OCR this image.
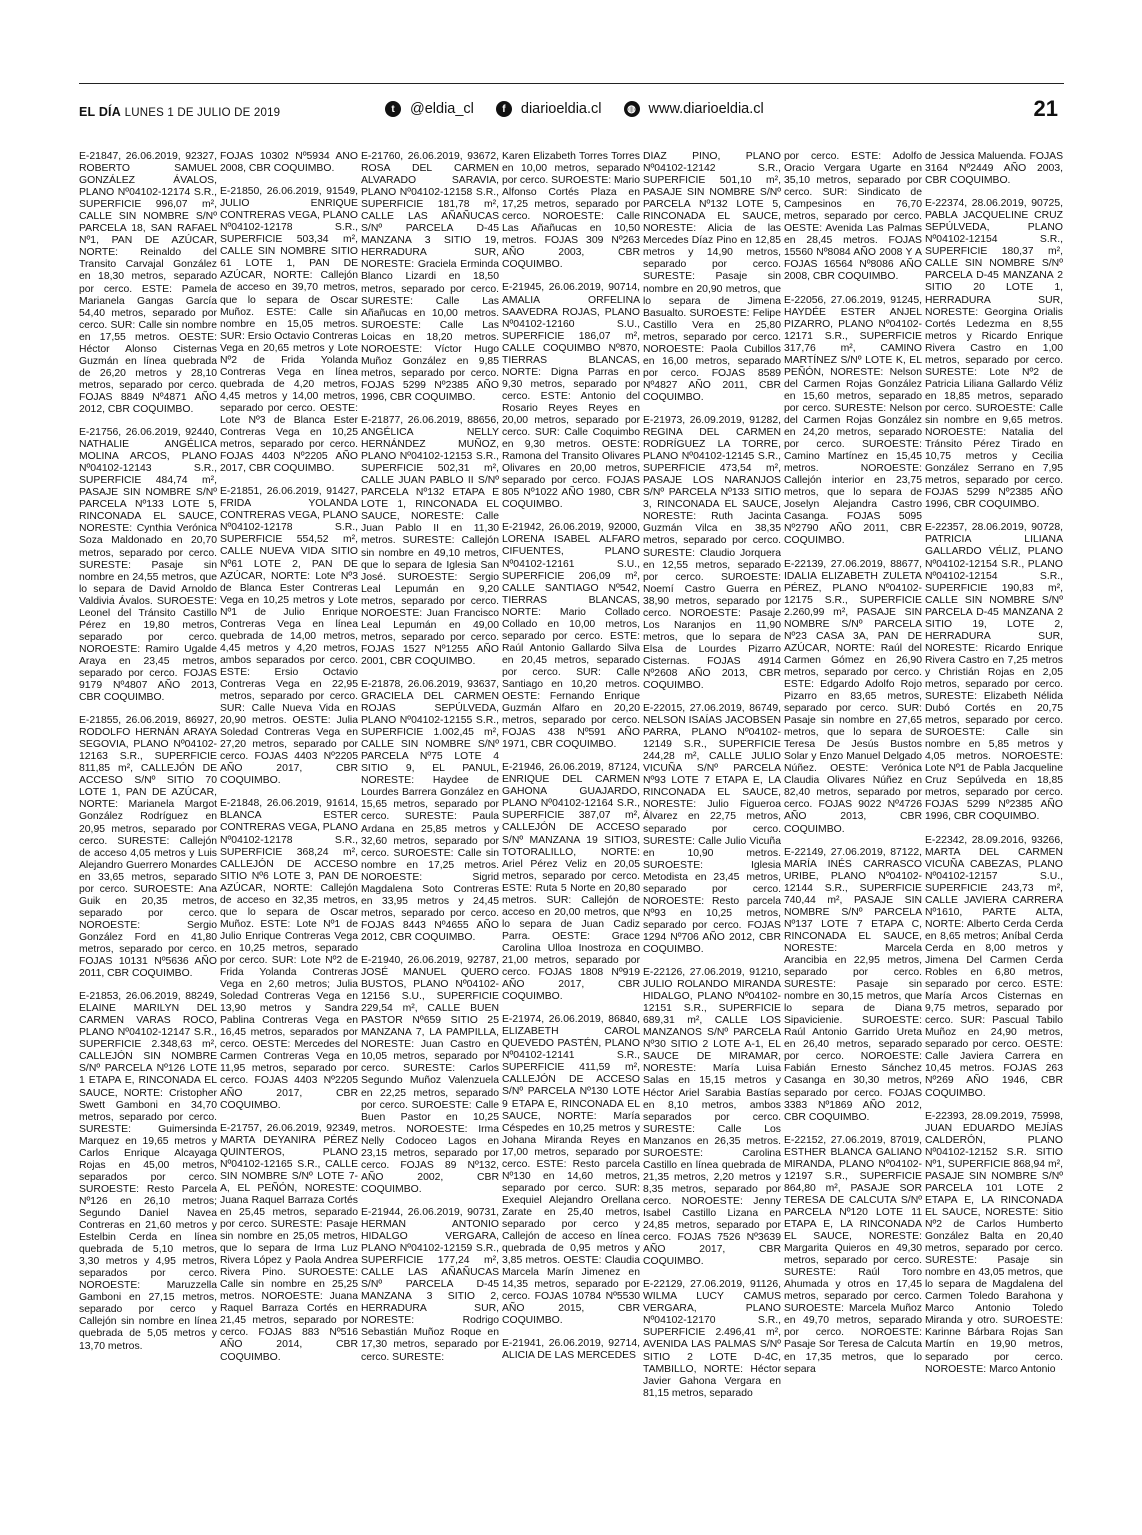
EL DÍA LUNES 1 DE JULIO DE 2019	t	@eldia_cl	f	diarioeldia.cl	◍ www.diarioeldia.cl	21

E-21847, 26.06.2019, 92327, ROBERTO SAMUEL GONZÁLEZ ÁVALOS, PLANO Nº04102-12174 S.R., SUPERFICIE 996,07 m², CALLE SIN NOMBRE S/Nº PARCELA 18, SAN RAFAEL Nº1, PAN DE AZÚCAR, NORTE: Reinaldo del Transito Carvajal González en 18,30 metros, separado por cerco. ESTE: Pamela Marianela Gangas García 54,40 metros, separado por cerco. SUR: Calle sin nombre en 17,55 metros. OESTE: Héctor Alonso Cisternas Guzmán en línea quebrada de 26,20 metros y 28,10 metros, separado por cerco. FOJAS 8849 Nº4871 AÑO 2012, CBR COQUIMBO.

E-21756, 26.06.2019, 92440, NATHALIE ANGÉLICA MOLINA ARCOS, PLANO Nº04102-12143 S.R., SUPERFICIE 484,74 m², PASAJE SIN NOMBRE S/Nº PARCELA Nº133 LOTE 5, RINCONADA EL SAUCE, NORESTE: Cynthia Verónica Soza Maldonado en 20,70 metros, separado por cerco. SURESTE: Pasaje sin nombre en 24,55 metros, que lo separa de David Arnoldo Valdivia Ávalos. SUROESTE: Leonel del Tránsito Castillo Pérez en 19,80 metros, separado por cerco. NOROESTE: Ramiro Ugalde Araya en 23,45 metros, separado por cerco. FOJAS 9179 Nº4807 AÑO 2013, CBR COQUIMBO.

E-21855, 26.06.2019, 86927, RODOLFO HERNÁN ARAYA SEGOVIA, PLANO Nº04102-12163 S.R., SUPERFICIE 811,85 m², CALLEJÓN DE ACCESO S/Nº SITIO 70 LOTE 1, PAN DE AZÚCAR, NORTE: Marianela Margot González Rodríguez en 20,95 metros, separado por cerco. SURESTE: Callejón de acceso 4,05 metros y Luis Alejandro Guerrero Monardes en 33,65 metros, separado por cerco. SUROESTE: Ana Guik en 20,35 metros, separado por cerco. NOROESTE: Sergio González Ford en 41,80 metros, separado por cerco. FOJAS 10131 Nº5636 AÑO 2011, CBR COQUIMBO.

E-21853, 26.06.2019, 88249, ELAINE MARILYN DEL CARMEN VARAS ROCO, PLANO Nº04102-12147 S.R., SUPERFICIE 2.348,63 m², CALLEJÓN SIN NOMBRE S/Nº PARCELA Nº126 LOTE 1 ETAPA E, RINCONADA EL SAUCE, NORTE: Cristopher Swett Gamboni en 34,70 metros, separado por cerco. SURESTE: Guimersinda Marquez en 19,65 metros y Carlos Enrique Alcayaga Rojas en 45,00 metros, separados por cerco. SUROESTE: Resto Parcela Nº126 en 26,10 metros; Segundo Daniel Navea Contreras en 21,60 metros y Estelbin Cerda en línea quebrada de 5,10 metros, 3,30 metros y 4,95 metros, separados por cerco. NOROESTE: Maruzzella Gamboni en 27,15 metros, separado por cerco y Callejón sin nombre en línea quebrada de 5,05 metros y 13,70 metros.

FOJAS 10302 Nº5934 AÑO 2008, CBR COQUIMBO.

E-21850, 26.06.2019, 91549, JULIO ENRIQUE CONTRERAS VEGA, PLANO Nº04102-12178 S.R., SUPERFICIE 503,34 m², CALLE SIN NOMBRE SITIO 61 LOTE 1, PAN DE AZÚCAR, NORTE: Callejón de acceso en 39,70 metros, que lo separa de Oscar Muñoz. ESTE: Calle sin nombre en 15,05 metros. SUR: Ersio Octavio Contreras Vega en 20,65 metros y Lote Nº2 de Frida Yolanda Contreras Vega en línea quebrada de 4,20 metros, 4,45 metros y 14,00 metros, separado por cerco. OESTE: Lote Nº3 de Blanca Ester Contreras Vega en 10,25 metros, separado por cerco. FOJAS 4403 Nº2205 AÑO 2017, CBR COQUIMBO.

E-21851, 26.06.2019, 91427, FRIDA YOLANDA CONTRERAS VEGA, PLANO Nº04102-12178 S.R., SUPERFICIE 554,52 m², CALLE NUEVA VIDA SITIO Nº61 LOTE 2, PAN DE AZÚCAR, NORTE: Lote Nº3 de Blanca Ester Contreras Vega en 10,25 metros y Lote Nº1 de Julio Enrique Contreras Vega en línea quebrada de 14,00 metros, 4,45 metros y 4,20 metros, ambos separados por cerco. ESTE: Ersio Octavio Contreras Vega en 22,95 metros, separado por cerco. SUR: Calle Nueva Vida en 20,90 metros. OESTE: Julia Soledad Contreras Vega en 27,20 metros, separado por cerco. FOJAS 4403 Nº2205 AÑO 2017, CBR COQUIMBO.

E-21848, 26.06.2019, 91614, BLANCA ESTER CONTRERAS VEGA, PLANO Nº04102-12178 S.R., SUPERFICIE 368,24 m², CALLEJÓN DE ACCESO SITIO Nº6 LOTE 3, PAN DE AZÚCAR, NORTE: Callejón de acceso en 32,35 metros, que lo separa de Oscar Muñoz. ESTE: Lote Nº1 de Julio Enrique Contreras Vega en 10,25 metros, separado por cerco. SUR: Lote Nº2 de Frida Yolanda Contreras Vega en 2,60 metros; Julia Soledad Contreras Vega en 13,90 metros y Sandra Pablina Contreras Vega en 16,45 metros, separados por cerco. OESTE: Mercedes del Carmen Contreras Vega en 11,95 metros, separado por cerco. FOJAS 4403 Nº2205 AÑO 2017, CBR COQUIMBO.

E-21757, 26.06.2019, 92349, MARTA DEYANIRA PÉREZ QUINTEROS, PLANO Nº04102-12165 S.R., CALLE SIN NOMBRE S/Nº LOTE 7-A, EL PEÑÓN, NORESTE: Juana Raquel Barraza Cortés en 25,45 metros, separado por cerco. SURESTE: Pasaje sin nombre en 25,05 metros, que lo separa de Irma Luz Rivera López y Paola Andrea Rivera Pino. SUROESTE: Calle sin nombre en 25,25 metros. NOROESTE: Juana Raquel Barraza Cortés en 21,45 metros, separado por cerco. FOJAS 883 Nº516 AÑO 2014, CBR COQUIMBO.

E-21760, 26.06.2019, 93672, ROSA DEL CARMEN ALVARADO SARAVIA, PLANO Nº04102-12158 S.R., SUPERFICIE 181,78 m², CALLE LAS AÑAÑUCAS S/Nº PARCELA D-45 MANZANA 3 SITIO 19, HERRADURA SUR, NORESTE: Graciela Erminda Blanco Lizardi en 18,50 metros, separado por cerco. SURESTE: Calle Las Añañucas en 10,00 metros. SUROESTE: Calle Las Loicas en 18,20 metros. NOROESTE: Víctor Hugo Muñoz González en 9,85 metros, separado por cerco. FOJAS 5299 Nº2385 AÑO 1996, CBR COQUIMBO.

E-21877, 26.06.2019, 88656, ANGÉLICA NELLY HERNÁNDEZ MUÑOZ, PLANO Nº04102-12153 S.R., SUPERFICIE 502,31 m², CALLE JUAN PABLO II S/Nº PARCELA Nº132 ETAPA E LOTE 1, RINCONADA EL SAUCE, NORESTE: Calle Juan Pablo II en 11,30 metros. SURESTE: Callejón sin nombre en 49,10 metros, que lo separa de Iglesia San José. SUROESTE: Sergio Leal Lepumán en 9,20 metros, separado por cerco. NOROESTE: Juan Francisco Leal Lepumán en 49,00 metros, separado por cerco. FOJAS 1527 Nº1255 AÑO 2001, CBR COQUIMBO.

E-21878, 26.06.2019, 93637, GRACIELA DEL CARMEN ROJAS SEPÚLVEDA, PLANO Nº04102-12155 S.R., SUPERFICIE 1.002,45 m², CALLE SIN NOMBRE S/Nº PARCELA Nº75 LOTE 4 SITIO 9, EL PANUL, NORESTE: Haydee de Lourdes Barrera González en 15,65 metros, separado por cerco. SURESTE: Paula Ardana en 25,85 metros y 32,60 metros, separado por cerco. SUROESTE: Calle sin nombre en 17,25 metros. NOROESTE: Sigrid Magdalena Soto Contreras en 33,95 metros y 24,45 metros, separado por cerco. FOJAS 8443 Nº4655 AÑO 2012, CBR COQUIMBO.

E-21940, 26.06.2019, 92787, JOSÉ MANUEL QUERO BUSTOS, PLANO Nº04102-12156 S.U., SUPERFICIE 229,54 m², CALLE BUEN PASTOR Nº659 SITIO 25 MANZANA 7, LA PAMPILLA, NORESTE: Juan Castro en 10,05 metros, separado por cerco. SURESTE: Carlos Segundo Muñoz Valenzuela en 22,25 metros, separado por cerco. SUROESTE: Calle Buen Pastor en 10,25 metros. NOROESTE: Irma Nelly Codoceo Lagos en 23,15 metros, separado por cerco. FOJAS 89 Nº132, AÑO 2002, CBR COQUIMBO.

E-21944, 26.06.2019, 90731, HERMAN ANTONIO HIDALGO VERGARA, PLANO Nº04102-12159 S.R., SUPERFICIE 177,24 m², CALLE LAS AÑAÑUCAS S/Nº PARCELA D-45 MANZANA 3 SITIO 2, HERRADURA SUR, NORESTE: Rodrigo Sebastián Muñoz Roque en 17,30 metros, separado por cerco. SURESTE:

Karen Elizabeth Torres Torres en 10,00 metros, separado por cerco. SUROESTE: Mario Alfonso Cortés Plaza en 17,25 metros, separado por cerco. NOROESTE: Calle Las Añañucas en 10,50 metros. FOJAS 309 Nº263 AÑO 2003, CBR COQUIMBO.

E-21945, 26.06.2019, 90714, AMALIA ORFELINA SAAVEDRA ROJAS, PLANO Nº04102-12160 S.U., SUPERFICIE 186,07 m², CALLE COQUIMBO Nº870, TIERRAS BLANCAS, NORTE: Digna Parras en 9,30 metros, separado por cerco. ESTE: Antonio del Rosario Reyes Reyes en 20,00 metros, separado por cerco. SUR: Calle Coquimbo en 9,30 metros. OESTE: Ramona del Transito Olivares Olivares en 20,00 metros, separado por cerco. FOJAS 805 Nº1022 AÑO 1980, CBR COQUIMBO.

E-21942, 26.06.2019, 92000, LORENA ISABEL ALFARO CIFUENTES, PLANO Nº04102-12161 S.U., SUPERFICIE 206,09 m², CALLE SANTIAGO Nº542, TIERRAS BLANCAS, NORTE: Mario Collado Collado en 10,00 metros, separado por cerco. ESTE: Raúl Antonio Gallardo Silva en 20,45 metros, separado por cerco. SUR: Calle Santiago en 10,20 metros. OESTE: Fernando Enrique Guzmán Alfaro en 20,20 metros, separado por cerco. FOJAS 438 Nº591 AÑO 1971, CBR COQUIMBO.

E-21946, 26.06.2019, 87124, ENRIQUE DEL CARMEN GAHONA GUAJARDO, PLANO Nº04102-12164 S.R., SUPERFICIE 387,07 m², CALLEJÓN DE ACCESO S/Nº MANZANA 19 SITIO3, TOTORALILLO, NORTE: Ariel Pérez Veliz en 20,05 metros, separado por cerco. ESTE: Ruta 5 Norte en 20,80 metros. SUR: Callejón de acceso en 20,00 metros, que lo separa de Juan Cadiz Parra. OESTE: Grace Carolina Ulloa Inostroza en 21,00 metros, separado por cerco. FOJAS 1808 Nº919 AÑO 2017, CBR COQUIMBO.

E-21974, 26.06.2019, 86840, ELIZABETH CAROL QUEVEDO PASTÉN, PLANO Nº04102-12141 S.R., SUPERFICIE 411,59 m², CALLEJÓN DE ACCESO S/Nº PARCELA Nº130 LOTE 9 ETAPA E, RINCONADA EL SAUCE, NORTE: María Céspedes en 10,25 metros y Johana Miranda Reyes en 17,00 metros, separado por cerco. ESTE: Resto parcela Nº130 en 14,60 metros, separado por cerco. SUR: Exequiel Alejandro Orellana Zarate en 25,40 metros, separado por cerco y Callejón de acceso en línea quebrada de 0,95 metros y 3,85 metros. OESTE: Claudia Marcela Marín Jimenez en 14,35 metros, separado por cerco. FOJAS 10784 Nº5530 AÑO 2015, CBR COQUIMBO.

E-21941, 26.06.2019, 92714, ALICIA DE LAS MERCEDES

DÍAZ PINO, PLANO Nº04102-12142 S.R., SUPERFICIE 501,10 m², PASAJE SIN NOMBRE S/Nº PARCELA Nº132 LOTE 5, RINCONADA EL SAUCE, NORESTE: Alicia de las Mercedes Díaz Pino en 12,85 metros y 14,90 metros, separado por cerco. SURESTE: Pasaje sin nombre en 20,90 metros, que lo separa de Jimena Basualto. SUROESTE: Felipe Castillo Vera en 25,80 metros, separado por cerco. NOROESTE: Paola Cubillos en 16,00 metros, separado por cerco. FOJAS 8589 Nº4827 AÑO 2011, CBR COQUIMBO.

E-21973, 26.09.2019, 91282, REGINA DEL CARMEN RODRÍGUEZ LA TORRE, PLANO Nº04102-12145 S.R., SUPERFICIE 473,54 m², PASAJE LOS NARANJOS S/Nº PARCELA Nº133 SITIO 3, RINCONADA EL SAUCE, NORESTE: Ruth Jacinta Guzmán Vilca en 38,35 metros, separado por cerco. SURESTE: Claudio Jorquera en 12,55 metros, separado por cerco. SUROESTE: Noemí Castro Guerra en 38,90 metros, separado por cerco. NOROESTE: Pasaje Los Naranjos en 11,90 metros, que lo separa de Elsa de Lourdes Pizarro Cisternas. FOJAS 4914 Nº2608 AÑO 2013, CBR COQUIMBO.

E-22015, 27.06.2019, 86749, NELSON ISAÍAS JACOBSEN PARRA, PLANO Nº04102-12149 S.R., SUPERFICIE 244,28 m², CALLE JULIO VICUÑA S/Nº PARCELA Nº93 LOTE 7 ETAPA E, LA RINCONADA EL SAUCE, NORESTE: Julio Figueroa Álvarez en 22,75 metros, separado por cerco. SURESTE: Calle Julio Vicuña en 10,90 metros. SUROESTE: Iglesia Metodista en 23,45 metros, separado por cerco. NOROESTE: Resto parcela Nº93 en 10,25 metros, separado por cerco. FOJAS 1294 Nº706 AÑO 2012, CBR COQUIMBO.

E-22126, 27.06.2019, 91210, JULIO ROLANDO MIRANDA HIDALGO, PLANO Nº04102-12151 S.R., SUPERFICIE 689,31 m², CALLE LOS MANZANOS S/Nº PARCELA Nº30 SITIO 2 LOTE A-1, EL SAUCE DE MIRAMAR, NORESTE: María Luisa Salas en 15,15 metros y Héctor Ariel Sarabia Bastías en 8,10 metros, ambos separados por cerco. SURESTE: Calle Los Manzanos en 26,35 metros. SUROESTE: Carolina Castillo en línea quebrada de 21,35 metros, 2,20 metros y 8,35 metros, separado por cerco. NOROESTE: Jenny Isabel Castillo Lizana en 24,85 metros, separado por cerco. FOJAS 7526 Nº3639 AÑO 2017, CBR COQUIMBO.

E-22129, 27.06.2019, 91126, WILMA LUCY CAMUS VERGARA, PLANO Nº04102-12170 S.R., SUPERFICIE 2.496,41 m², AVENIDA LAS PALMAS S/Nº SITIO 2 LOTE D-4C, TAMBILLO, NORTE: Héctor Javier Gahona Vergara en 81,15 metros, separado

por cerco. ESTE: Adolfo Oracio Vergara Ugarte en 35,10 metros, separado por cerco. SUR: Sindicato de Campesinos en 76,70 metros, separado por cerco. OESTE: Avenida Las Palmas en 28,45 metros. FOJAS 15560 Nº8084 AÑO 2008 Y A FOJAS 16564 Nº8086 AÑO 2008, CBR COQUIMBO.

E-22056, 27.06.2019, 91245, HAYDÉE ESTER ANJEL PIZARRO, PLANO Nº04102-12171 S.R., SUPERFICIE 317,76 m², CAMINO MARTÍNEZ S/Nº LOTE K, EL PEÑÓN, NORESTE: Nelson del Carmen Rojas González en 15,60 metros, separado por cerco. SURESTE: Nelson del Carmen Rojas González en 24,20 metros, separado por cerco. SUROESTE: Camino Martínez en 15,45 metros. NOROESTE: Callejón interior en 23,75 metros, que lo separa de Joselyn Alejandra Castro Casanga. FOJAS 5095 Nº2790 AÑO 2011, CBR COQUIMBO.

E-22139, 27.06.2019, 88677, IDALIA ELIZABETH ZULETA PÉREZ, PLANO Nº04102-12175 S.R., SUPERFICIE 2.260,99 m², PASAJE SIN NOMBRE S/Nº PARCELA Nº23 CASA 3A, PAN DE AZÚCAR, NORTE: Raúl del Carmen Gómez en 26,90 metros, separado por cerco. ESTE: Edgardo Adolfo Rojo Pizarro en 83,65 metros, separado por cerco. SUR: Pasaje sin nombre en 27,65 metros, que lo separa de Teresa De Jesús Bustos Solar y Enzo Manuel Delgado Núñez. OESTE: Verónica Claudia Olivares Núñez en 82,40 metros, separado por cerco. FOJAS 9022 Nº4726 AÑO 2013, CBR COQUIMBO.

E-22149, 27.06.2019, 87122, MARÍA INÉS CARRASCO URIBE, PLANO Nº04102-12144 S.R., SUPERFICIE 740,44 m², PASAJE SIN NOMBRE S/Nº PARCELA Nº137 LOTE 7 ETAPA C, RINCONADA EL SAUCE, NORESTE: Marcela Arancibia en 22,95 metros, separado por cerco. SURESTE: Pasaje sin nombre en 30,15 metros, que lo separa de Diana Sipavicienie. SUROESTE: Raúl Antonio Garrido Ureta en 26,40 metros, separado por cerco. NOROESTE: Fabián Ernesto Sánchez Casanga en 30,30 metros, separado por cerco. FOJAS 3383 Nº1869 AÑO 2012, CBR COQUIMBO.

E-22152, 27.06.2019, 87019, ESTHER BLANCA GALIANO MIRANDA, PLANO Nº04102-12197 S.R., SUPERFICIE 864,80 m², PASAJE SOR TERESA DE CALCUTA S/Nº PARCELA Nº120 LOTE 11 ETAPA E, LA RINCONADA EL SAUCE, NORESTE: Margarita Quieros en 49,30 metros, separado por cerco. SURESTE: Raúl Toro Ahumada y otros en 17,45 metros, separado por cerco. SUROESTE: Marcela Muñoz en 49,70 metros, separado por cerco. NOROESTE: Pasaje Sor Teresa de Calcuta en 17,35 metros, que lo separa

de Jessica Maluenda. FOJAS 3164 Nº2449 AÑO 2003, CBR COQUIMBO.

E-22374, 28.06.2019, 90725, PABLA JACQUELINE CRUZ SEPÚLVEDA, PLANO Nº04102-12154 S.R., SUPERFICIE 180,37 m², CALLE SIN NOMBRE S/Nº PARCELA D-45 MANZANA 2 SITIO 20 LOTE 1, HERRADURA SUR, NORESTE: Georgina Orialis Cortés Ledezma en 8,55 metros y Ricardo Enrique Rivera Castro en 1,00 metros, separado por cerco. SURESTE: Lote Nº2 de Patricia Liliana Gallardo Véliz en 18,85 metros, separado por cerco. SUROESTE: Calle sin nombre en 9,65 metros. NOROESTE: Natalia del Tránsito Pérez Tirado en 10,75 metros y Cecilia González Serrano en 7,95 metros, separado por cerco. FOJAS 5299 Nº2385 AÑO 1996, CBR COQUIMBO.

E-22357, 28.06.2019, 90728, PATRICIA LILIANA GALLARDO VÉLIZ, PLANO Nº04102-12154 S.R., PLANO Nº04102-12154 S.R., SUPERFICIE 190,83 m², CALLE SIN NOMBRE S/Nº PARCELA D-45 MANZANA 2 SITIO 19, LOTE 2, HERRADURA SUR, NORESTE: Ricardo Enrique Rivera Castro en 7,25 metros y Christián Rojas en 2,05 metros, separado por cerco. SURESTE: Elizabeth Nélida Dubó Cortés en 20,75 metros, separado por cerco. SUROESTE: Calle sin nombre en 5,85 metros y 4,05 metros. NOROESTE: Lote Nº1 de Pabla Jacqueline Cruz Sepúlveda en 18,85 metros, separado por cerco. FOJAS 5299 Nº2385 AÑO 1996, CBR COQUIMBO.

E-22342, 28.09.2016, 93266, MARTA DEL CARMEN VICUÑA CABEZAS, PLANO Nº04102-12157 S.U., SUPERFICIE 243,73 m², CALLE JAVIERA CARRERA Nº1610, PARTE ALTA, NORTE: Alberto Cerda Cerda en 8,65 metros; Aníbal Cerda Cerda en 8,00 metros y Jimena Del Carmen Cerda Robles en 6,80 metros, separado por cerco. ESTE: María Arcos Cisternas en 9,75 metros, separado por cerco. SUR: Pascual Tabilo Muñoz en 24,90 metros, separado por cerco. OESTE: Calle Javiera Carrera en 10,45 metros. FOJAS 263 Nº269 AÑO 1946, CBR COQUIMBO.

E-22393, 28.09.2019, 75998, JUAN EDUARDO MEJÍAS CALDERÓN, PLANO Nº04102-12152 S.R. SITIO Nº1, SUPERFICIE 868,94 m², PASAJE SIN NOMBRE S/Nº PARCELA 101 LOTE 2 ETAPA E, LA RINCONADA EL SAUCE, NORESTE: Sitio Nº2 de Carlos Humberto González Balta en 20,40 metros, separado por cerco. SURESTE: Pasaje sin nombre en 43,05 metros, que lo separa de Magdalena del Carmen Toledo Barahona y Marco Antonio Toledo Miranda y otro. SUROESTE: Karinne Bárbara Rojas San Martín en 19,90 metros, separado por cerco. NOROESTE: Marco Antonio
